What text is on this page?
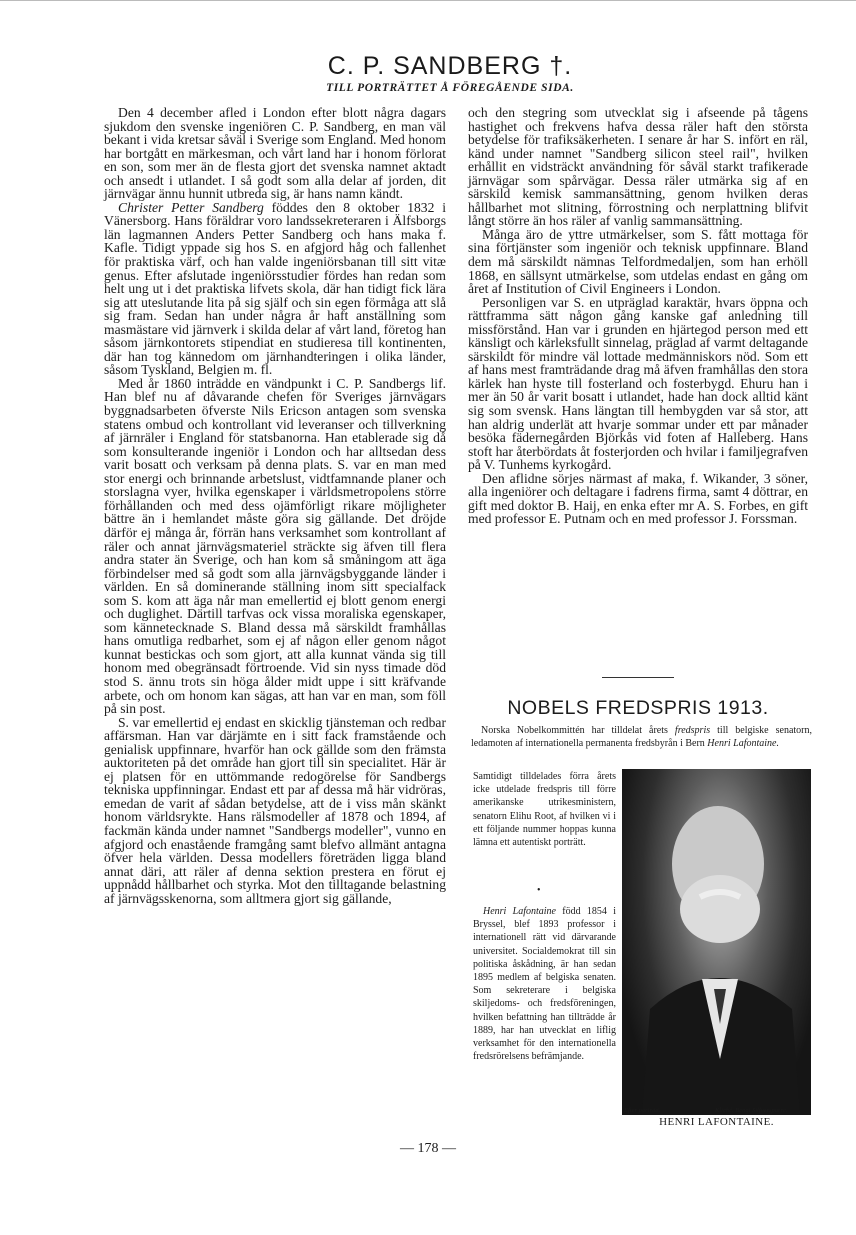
C. P. SANDBERG †.
TILL PORTRÄTTET Å FÖREGÅENDE SIDA.

Den 4 december afled i London efter blott några dagars sjukdom den svenske ingeniören C. P. Sandberg, en man väl bekant i vida kretsar såväl i Sverige som England. Med honom har bortgått en märkesman, och vårt land har i honom förlorat en son, som mer än de flesta gjort det svenska namnet aktadt och ansedt i utlandet. I så godt som alla delar af jorden, dit järnvägar ännu hunnit utbreda sig, är hans namn kändt.

Christer Petter Sandberg föddes den 8 oktober 1832 i Vänersborg. Hans föräldrar voro landssekreteraren i Älfsborgs län lagmannen Anders Petter Sandberg och hans maka f. Kafle. Tidigt yppade sig hos S. en afgjord håg och fallenhet för praktiska värf, och han valde ingeniörsbanan till sitt vitæ genus. Efter afslutade ingeniörsstudier fördes han redan som helt ung ut i det praktiska lifvets skola, där han tidigt fick lära sig att uteslutande lita på sig själf och sin egen förmåga att slå sig fram. Sedan han under några år haft anställning som masmästare vid järnverk i skilda delar af vårt land, företog han såsom järnkontorets stipendiat en studieresa till kontinenten, där han tog kännedom om järnhandteringen i olika länder, såsom Tyskland, Belgien m. fl.

Med år 1860 inträdde en vändpunkt i C. P. Sandbergs lif. Han blef nu af dåvarande chefen för Sveriges järnvägars byggnadsarbeten öfverste Nils Ericson antagen som svenska statens ombud och kontrollant vid leveranser och tillverkning af järnräler i England för statsbanorna. Han etablerade sig då som konsulterande ingeniör i London och har alltsedan dess varit bosatt och verksam på denna plats. S. var en man med stor energi och brinnande arbetslust, vidtfamnande planer och storslagna vyer, hvilka egenskaper i världsmetropolens större förhållanden och med dess ojämförligt rikare möjligheter bättre än i hemlandet måste göra sig gällande. Det dröjde därför ej många år, förrän hans verksamhet som kontrollant af räler och annat järnvägsmateriel sträckte sig äfven till flera andra stater än Sverige, och han kom så småningom att äga förbindelser med så godt som alla järnvägsbyggande länder i världen. En så dominerande ställning inom sitt specialfack som S. kom att äga når man emellertid ej blott genom energi och duglighet. Därtill tarfvas ock vissa moraliska egenskaper, som kännetecknade S. Bland dessa må särskildt framhållas hans omutliga redbarhet, som ej af någon eller genom något kunnat bestickas och som gjort, att alla kunnat vända sig till honom med obegränsadt förtroende. Vid sin nyss timade död stod S. ännu trots sin höga ålder midt uppe i sitt kräfvande arbete, och om honom kan sägas, att han var en man, som föll på sin post.

S. var emellertid ej endast en skicklig tjänsteman och redbar affärsman. Han var därjämte en i sitt fack framstående och genialisk uppfinnare, hvarför han ock gällde som den främsta auktoriteten på det område han gjort till sin specialitet. Här är ej platsen för en uttömmande redogörelse för Sandbergs tekniska uppfinningar. Endast ett par af dessa må här vidröras, emedan de varit af sådan betydelse, att de i viss mån skänkt honom världsrykte. Hans rälsmodeller af 1878 och 1894, af fackmän kända under namnet "Sandbergs modeller", vunno en afgjord och enastående framgång samt blefvo allmänt antagna öfver hela världen. Dessa modellers företräden ligga bland annat däri, att räler af denna sektion prestera en förut ej uppnådd hållbarhet och styrka. Mot den tilltagande belastning af järnvägsskenorna, som alltmera gjort sig gällande,

och den stegring som utvecklat sig i afseende på tågens hastighet och frekvens hafva dessa räler haft den största betydelse för trafiksäkerheten. I senare år har S. infört en räl, känd under namnet "Sandberg silicon steel rail", hvilken erhållit en vidsträckt användning för såväl starkt trafikerade järnvägar som spårvägar. Dessa räler utmärka sig af en särskild kemisk sammansättning, genom hvilken deras hållbarhet mot slitning, förrostning och nerplattning blifvit långt större än hos räler af vanlig sammansättning.

Många äro de yttre utmärkelser, som S. fått mottaga för sina förtjänster som ingeniör och teknisk uppfinnare. Bland dem må särskildt nämnas Telfordmedaljen, som han erhöll 1868, en sällsynt utmärkelse, som utdelas endast en gång om året af Institution of Civil Engineers i London.

Personligen var S. en utpräglad karaktär, hvars öppna och rättframma sätt någon gång kanske gaf anledning till missförstånd. Han var i grunden en hjärtegod person med ett känsligt och kärleksfullt sinnelag, präglad af varmt deltagande särskildt för mindre väl lottade medmänniskors nöd. Som ett af hans mest framträdande drag må äfven framhållas den stora kärlek han hyste till fosterland och fosterbygd. Ehuru han i mer än 50 år varit bosatt i utlandet, hade han dock alltid känt sig som svensk. Hans längtan till hembygden var så stor, att han aldrig underlät att hvarje sommar under ett par månader besöka fädernegården Björkås vid foten af Halleberg. Hans stoft har återbördats åt fosterjorden och hvilar i familjegrafven på V. Tunhems kyrkogård.

Den aflidne sörjes närmast af maka, f. Wikander, 3 söner, alla ingeniörer och deltagare i fadrens firma, samt 4 döttrar, en gift med doktor B. Haij, en enka efter mr A. S. Forbes, en gift med professor E. Putnam och en med professor J. Forssman.

NOBELS FREDSPRIS 1913.

Norska Nobelkommittén har tilldelat årets fredspris till belgiske senatorn, ledamoten af internationella permanenta fredsbyrån i Bern Henri Lafontaine.

Samtidigt tilldelades förra årets icke utdelade fredspris till förre amerikanske utrikesministern, senatorn Elihu Root, af hvilken vi i ett följande nummer hoppas kunna lämna ett autentiskt porträtt.

•

Henri Lafontaine född 1854 i Bryssel, blef 1893 professor i internationell rätt vid därvarande universitet. Socialdemokrat till sin politiska åskådning, är han sedan 1895 medlem af belgiska senaten. Som sekreterare i belgiska skiljedoms- och fredsföreningen, hvilken befattning han tillträdde år 1889, har han utvecklat en liflig verksamhet för den internationella fredsrörelsens befrämjande.

Efter porträtt.	Kliché. Bengt Silfversparre.
HENRI LAFONTAINE.
— 178 —
